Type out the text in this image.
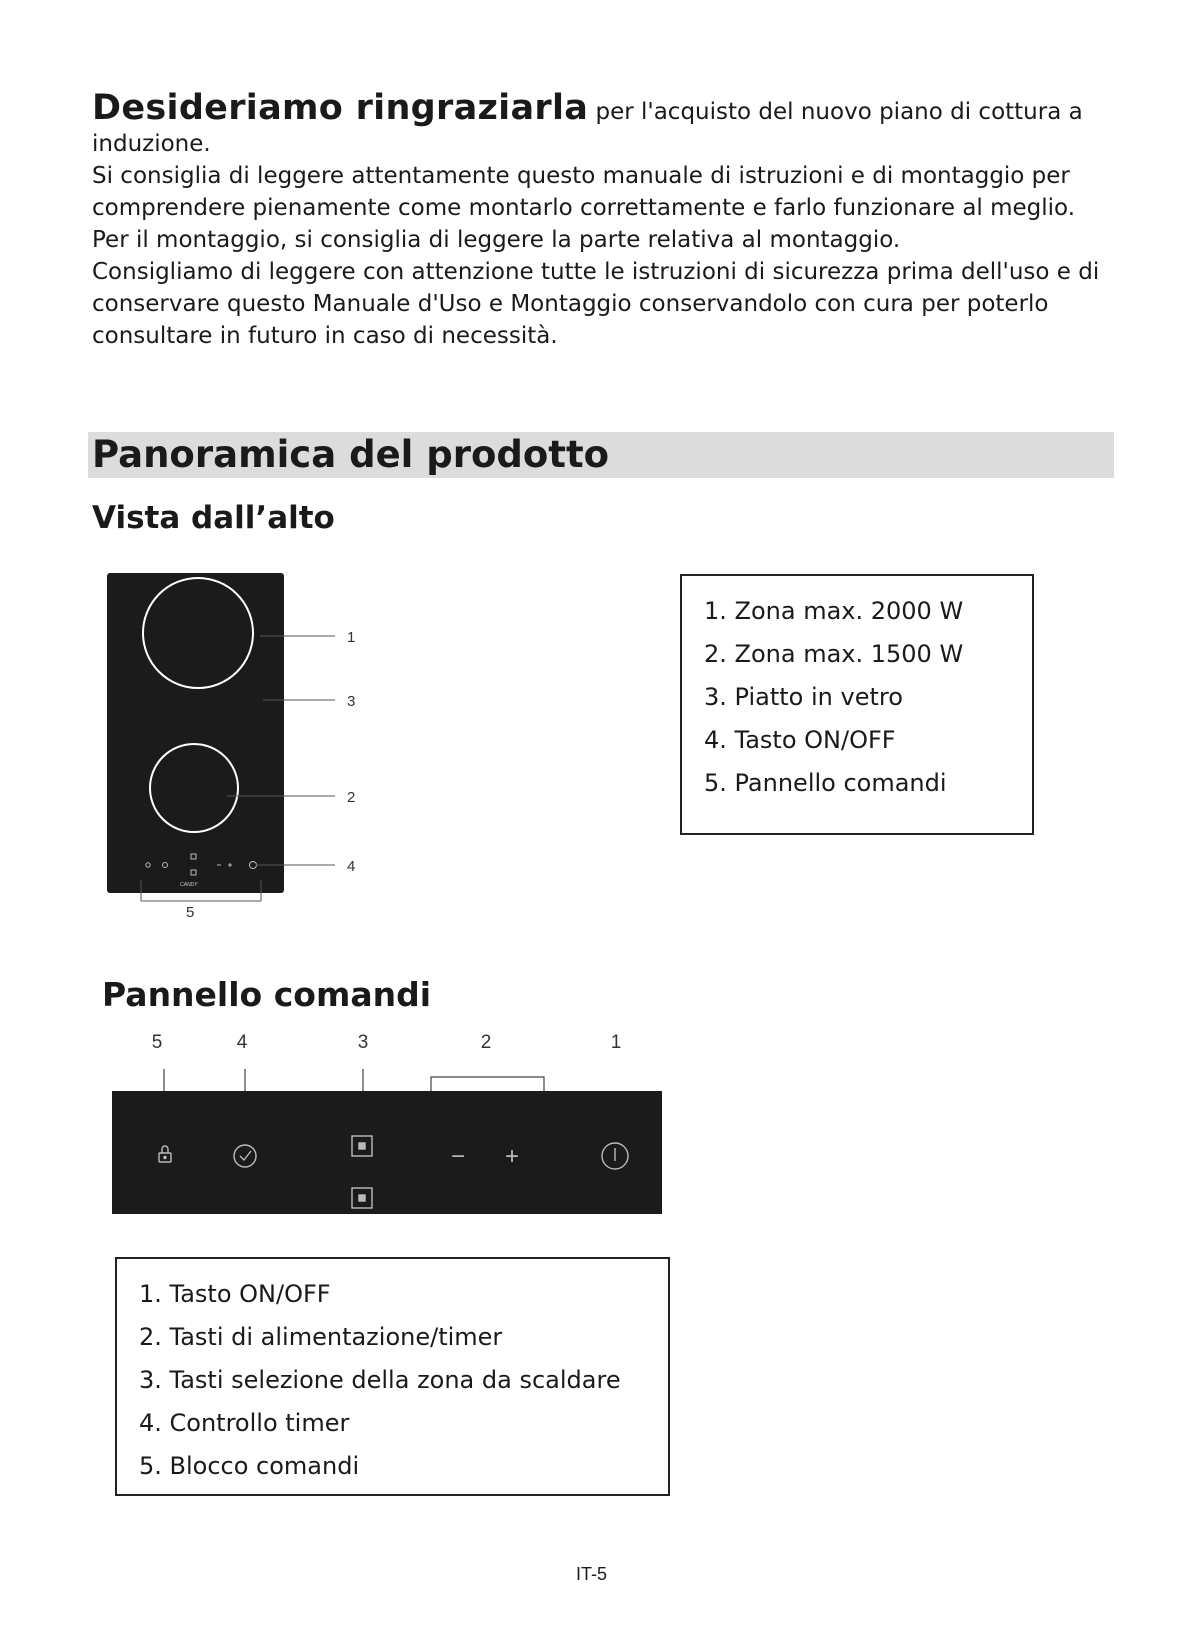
Desideriamo ringraziarla per l'acquisto del nuovo piano di cottura a induzione.

Si consiglia di leggere attentamente questo manuale di istruzioni e di montaggio per comprendere pienamente come montarlo correttamente e farlo funzionare al meglio.

Per il montaggio, si consiglia di leggere la parte relativa al montaggio.

Consigliamo di leggere con attenzione tutte le istruzioni di sicurezza prima dell'uso e di conservare questo Manuale d'Uso e Montaggio conservandolo con cura per poterlo consultare in futuro in caso di necessità.

Panoramica del prodotto
Vista dall’alto
CANDY
1
3
2
4
5
1. Zona max. 2000 W
2. Zona max. 1500 W
3. Piatto in vetro
4. Tasto ON/OFF
5. Pannello comandi
Pannello comandi
5	4	3	2	1
− +
1. Tasto ON/OFF
2. Tasti di alimentazione/timer
3. Tasti selezione della zona da scaldare
4. Controllo timer
5. Blocco comandi
IT-5
